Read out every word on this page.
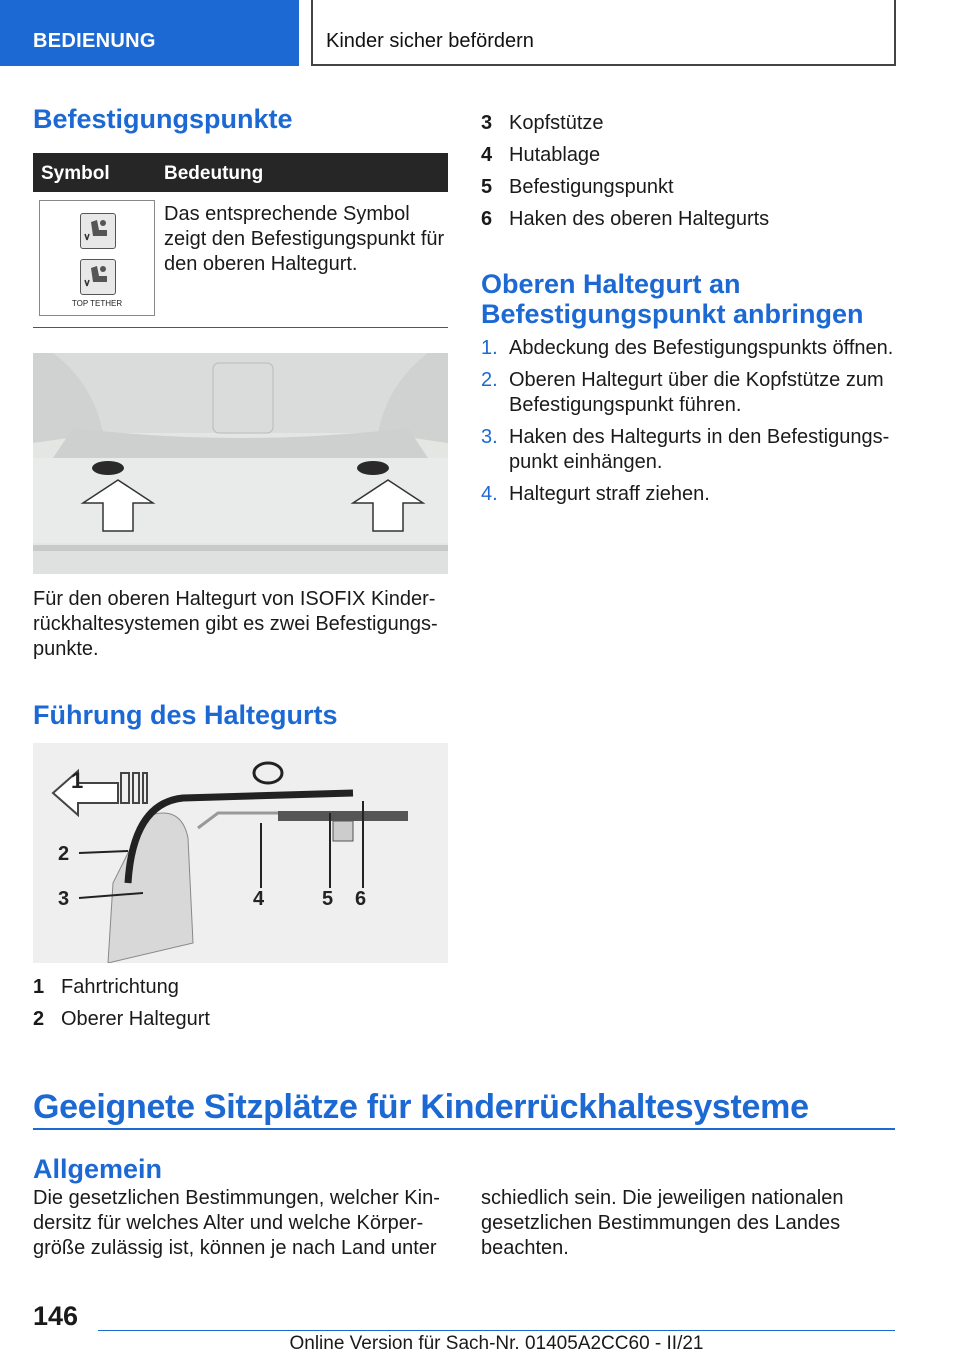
BEDIENUNG	Kinder sicher befördern
Befestigungspunkte
Symbol	Bedeutung
TOP TETHER
Das entsprechende Symbol zeigt den Befestigungspunkt für den oberen Haltegurt.
Für den oberen Haltegurt von ISOFIX Kinderrückhaltesystemen gibt es zwei Befestigungspunkte.
Führung des Haltegurts
1
2
3	4	5 6
1 Fahrtrichtung
2 Oberer Haltegurt
3 Kopfstütze
4 Hutablage
5 Befestigungspunkt
6 Haken des oberen Haltegurts
Oberen Haltegurt an Befestigungspunkt anbringen
1. Abdeckung des Befestigungspunkts öffnen.
2. Oberen Haltegurt über die Kopfstütze zum Befestigungspunkt führen.
3. Haken des Haltegurts in den Befestigungspunkt einhängen.
4. Haltegurt straff ziehen.
Geeignete Sitzplätze für Kinderrückhaltesysteme
Allgemein
Die gesetzlichen Bestimmungen, welcher Kindersitz für welches Alter und welche Körpergröße zulässig ist, können je nach Land unter
schiedlich sein. Die jeweiligen nationalen gesetzlichen Bestimmungen des Landes beachten.
146
Online Version für Sach-Nr. 01405A2CC60 - II/21
